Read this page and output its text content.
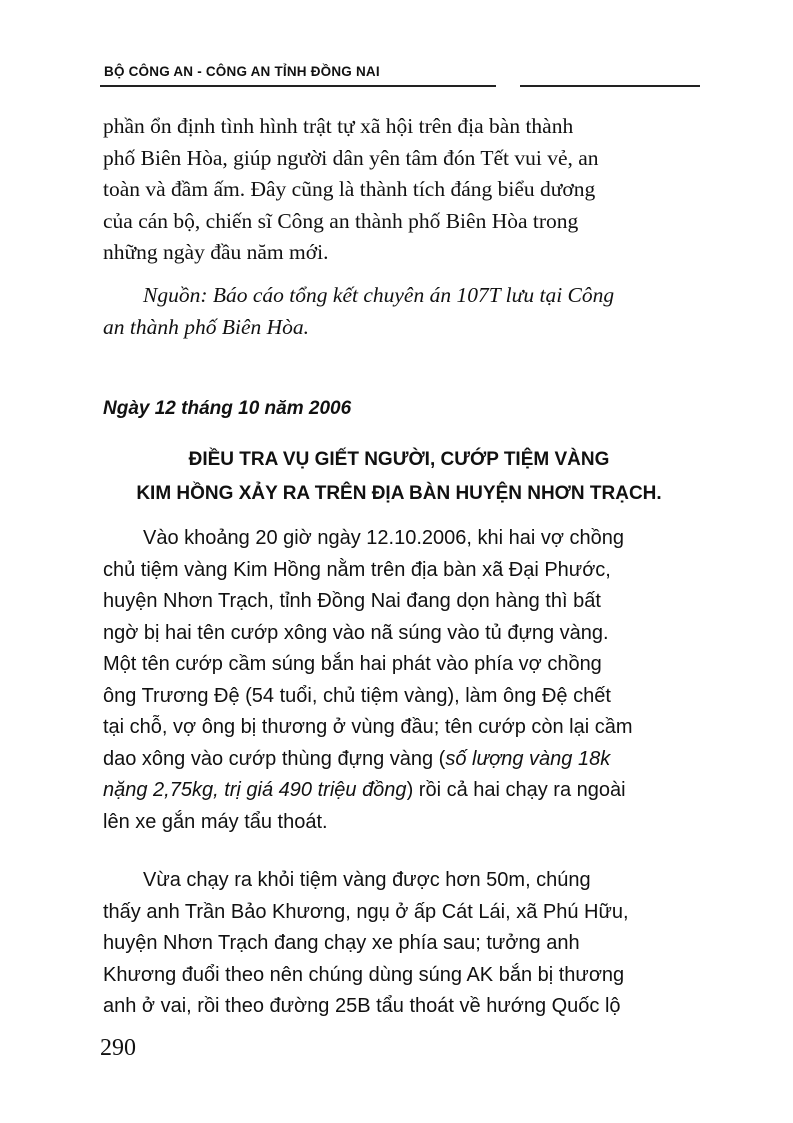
BỘ CÔNG AN - CÔNG AN TỈNH ĐỒNG NAI
phần ổn định tình hình trật tự xã hội trên địa bàn thành
phố Biên Hòa, giúp người dân yên tâm đón Tết vui vẻ, an
toàn và đầm ấm. Đây cũng là thành tích đáng biểu dương
của cán bộ, chiến sĩ Công an thành phố Biên Hòa trong
những ngày đầu năm mới.
Nguồn: Báo cáo tổng kết chuyên án 107T lưu tại Công
an thành phố Biên Hòa.
Ngày 12 tháng 10 năm 2006
ĐIỀU TRA VỤ GIẾT NGƯỜI, CƯỚP TIỆM VÀNG
KIM HỒNG XẢY RA TRÊN ĐỊA BÀN HUYỆN NHƠN TRẠCH.
Vào khoảng 20 giờ ngày 12.10.2006, khi hai vợ chồng
chủ tiệm vàng Kim Hồng nằm trên địa bàn xã Đại Phước,
huyện Nhơn Trạch, tỉnh Đồng Nai đang dọn hàng thì bất
ngờ bị hai tên cướp xông vào nã súng vào tủ đựng vàng.
Một tên cướp cầm súng bắn hai phát vào phía vợ chồng
ông Trương Đệ (54 tuổi, chủ tiệm vàng), làm ông Đệ chết
tại chỗ, vợ ông bị thương ở vùng đầu; tên cướp còn lại cầm
dao xông vào cướp thùng đựng vàng (số lượng vàng 18k
nặng 2,75kg, trị giá 490 triệu đồng) rồi cả hai chạy ra ngoài
lên xe gắn máy tẩu thoát.
Vừa chạy ra khỏi tiệm vàng được hơn 50m, chúng
thấy anh Trần Bảo Khương, ngụ ở ấp Cát Lái, xã Phú Hữu,
huyện Nhơn Trạch đang chạy xe phía sau; tưởng anh
Khương đuổi theo nên chúng dùng súng AK bắn bị thương
anh ở vai, rồi theo đường 25B tẩu thoát về hướng Quốc lộ
290
